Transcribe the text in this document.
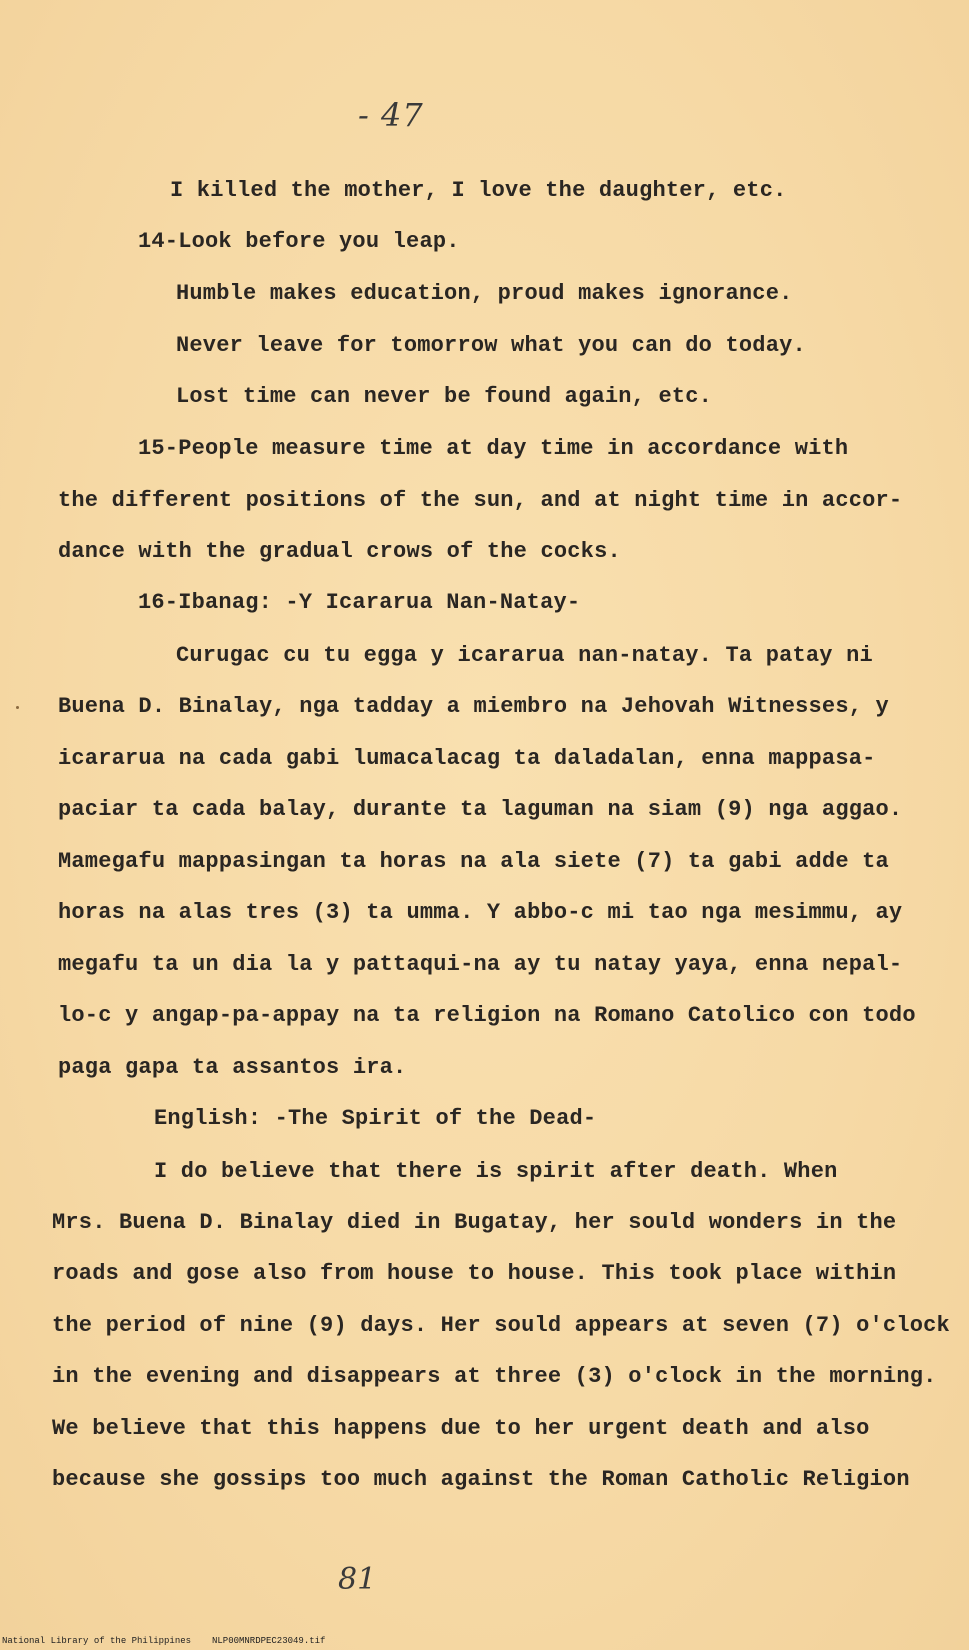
- 47
I killed the mother, I love the daughter, etc.
14-Look before you leap.
Humble makes education, proud makes ignorance.
Never leave for tomorrow what you can do today.
Lost time can never be found again, etc.
15-People measure time at day time in accordance with
the different positions of the sun, and at night time in accor-
dance with the gradual crows of the cocks.
16-Ibanag: -Y Icararua Nan-Natay-
Curugac cu tu egga y icararua nan-natay. Ta patay ni
Buena D. Binalay, nga tadday a miembro na Jehovah Witnesses, y
icararua na cada gabi lumacalacag ta daladalan, enna mappasa-
paciar ta cada balay, durante ta laguman na siam (9) nga aggao.
Mamegafu mappasingan ta horas na ala siete (7) ta gabi adde ta
horas na alas tres (3) ta umma. Y abbo-c mi tao nga mesimmu, ay
megafu ta un dia la y pattaqui-na ay tu natay yaya, enna nepal-
lo-c y angap-pa-appay na ta religion na Romano Catolico con todo
paga gapa ta assantos ira.
English: -The Spirit of the Dead-
I do believe that there is spirit after death. When
Mrs. Buena D. Binalay died in Bugatay, her sould wonders in the
roads and gose also from house to house. This took place within
the period of nine (9) days. Her sould appears at seven (7) o'clock
in the evening and disappears at three (3) o'clock in the morning.
We believe that this happens due to her urgent death and also
because she gossips too much against the Roman Catholic Religion
81
National Library of the Philippines NLP00MNRDPEC23049.tif
